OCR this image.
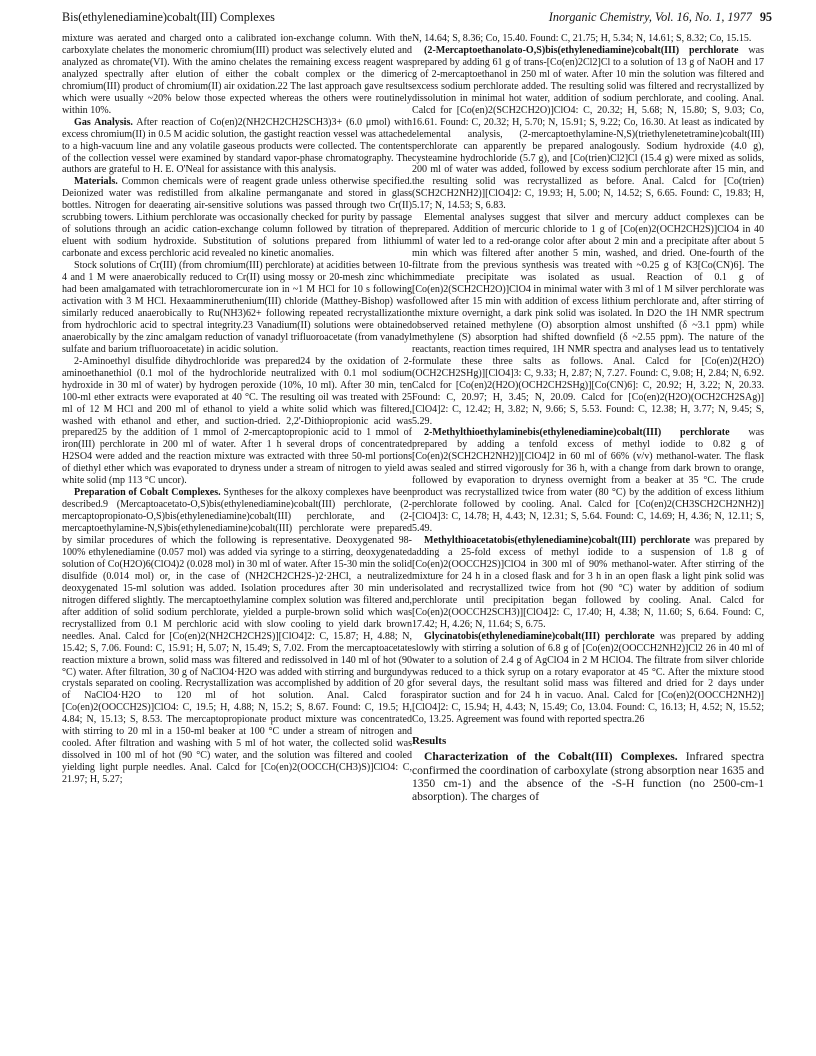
Bis(ethylenediamine)cobalt(III) Complexes	Inorganic Chemistry, Vol. 16, No. 1, 1977 95

mixture was aerated and charged onto a calibrated ion-exchange column. With the carboxylate chelates the monomeric chromium(III) product was selectively eluted and analyzed as chromate(VI). With the amino chelates the remaining excess reagent was analyzed spectrally after elution of either the cobalt complex or the dimeric chromium(III) product of chromium(II) air oxidation.22 The last approach gave results which were usually ~20% below those expected whereas the others were routinely within 10%.

Gas Analysis. After reaction of Co(en)2(NH2CH2CH2SCH3)3+ (6.0 μmol) with excess chromium(II) in 0.5 M acidic solution, the gastight reaction vessel was attached to a high-vacuum line and any volatile gaseous products were collected. The contents of the collection vessel were examined by standard vapor-phase chromatography. The authors are grateful to H. E. O'Neal for assistance with this analysis.

Materials. Common chemicals were of reagent grade unless otherwise specified. Deionized water was redistilled from alkaline permanganate and stored in glass bottles. Nitrogen for deaerating air-sensitive solutions was passed through two Cr(II) scrubbing towers. Lithium perchlorate was occasionally checked for purity by passage of solutions through an acidic cation-exchange column followed by titration of the eluent with sodium hydroxide. Substitution of solutions prepared from lithium carbonate and excess perchloric acid revealed no kinetic anomalies.

Stock solutions of Cr(III) (from chromium(III) perchlorate) at acidities between 10-4 and 1 M were anaerobically reduced to Cr(II) using mossy or 20-mesh zinc which had been amalgamated with tetrachloromercurate ion in ~1 M HCl for 10 s following activation with 3 M HCl. Hexaammineruthenium(III) chloride (Matthey-Bishop) was similarly reduced anaerobically to Ru(NH3)62+ following repeated recrystallization from hydrochloric acid to spectral integrity.23 Vanadium(II) solutions were obtained anaerobically by the zinc amalgam reduction of vanadyl trifluoroacetate (from vanadyl sulfate and barium trifluoroacetate) in acidic solution.

2-Aminoethyl disulfide dihydrochloride was prepared24 by the oxidation of 2-aminoethanethiol (0.1 mol of the hydrochloride neutralized with 0.1 mol sodium hydroxide in 30 ml of water) by hydrogen peroxide (10%, 10 ml). After 30 min, ten 100-ml ether extracts were evaporated at 40 °C. The resulting oil was treated with 25 ml of 12 M HCl and 200 ml of ethanol to yield a white solid which was filtered, washed with ethanol and ether, and suction-dried. 2,2'-Dithiopropionic acid was prepared25 by the addition of 1 mmol of 2-mercaptopropionic acid to 1 mmol of iron(III) perchlorate in 200 ml of water. After 1 h several drops of concentrated H2SO4 were added and the reaction mixture was extracted with three 50-ml portions of diethyl ether which was evaporated to dryness under a stream of nitrogen to yield a white solid (mp 113 °C uncor).

Preparation of Cobalt Complexes. Syntheses for the alkoxy complexes have been described.9 (Mercaptoacetato-O,S)bis(ethylenediamine)cobalt(III) perchlorate, (2-mercaptopropionato-O,S)bis(ethylenediamine)cobalt(III) perchlorate, and (2-mercaptoethylamine-N,S)bis(ethylenediamine)cobalt(III) perchlorate were prepared by similar procedures of which the following is representative. Deoxygenated 98-100% ethylenediamine (0.057 mol) was added via syringe to a stirring, deoxygenated solution of Co(H2O)6(ClO4)2 (0.028 mol) in 30 ml of water. After 15-30 min the solid disulfide (0.014 mol) or, in the case of (NH2CH2CH2S-)2·2HCl, a neutralized deoxygenated 15-ml solution was added. Isolation procedures after 30 min under nitrogen differed slightly. The mercaptoethylamine complex solution was filtered and, after addition of solid sodium perchlorate, yielded a purple-brown solid which was recrystallized from 0.1 M perchloric acid with slow cooling to yield dark brown needles. Anal. Calcd for [Co(en)2(NH2CH2CH2S)][ClO4]2: C, 15.87; H, 4.88; N, 15.42; S, 7.06. Found: C, 15.91; H, 5.07; N, 15.49; S, 7.02. From the mercaptoacetate reaction mixture a brown, solid mass was filtered and redissolved in 140 ml of hot (90 °C) water. After filtration, 30 g of NaClO4·H2O was added with stirring and burgundy crystals separated on cooling. Recrystallization was accomplished by addition of 20 g of NaClO4·H2O to 120 ml of hot solution. Anal. Calcd for [Co(en)2(OOCCH2S)]ClO4: C, 19.5; H, 4.88; N, 15.2; S, 8.67. Found: C, 19.5; H, 4.84; N, 15.13; S, 8.53. The mercaptopropionate product mixture was concentrated with stirring to 20 ml in a 150-ml beaker at 100 °C under a stream of nitrogen and cooled. After filtration and washing with 5 ml of hot water, the collected solid was dissolved in 100 ml of hot (90 °C) water, and the solution was filtered and cooled yielding light purple needles. Anal. Calcd for [Co(en)2(OOCCH(CH3)S)]ClO4: C, 21.97; H, 5.27;

N, 14.64; S, 8.36; Co, 15.40. Found: C, 21.75; H, 5.34; N, 14.61; S, 8.32; Co, 15.15.

(2-Mercaptoethanolato-O,S)bis(ethylenediamine)cobalt(III) perchlorate was prepared by adding 61 g of trans-[Co(en)2Cl2]Cl to a solution of 13 g of NaOH and 17 g of 2-mercaptoethanol in 250 ml of water. After 10 min the solution was filtered and excess sodium perchlorate added. The resulting solid was filtered and recrystallized by dissolution in minimal hot water, addition of sodium perchlorate, and cooling. Anal. Calcd for [Co(en)2(SCH2CH2O)]ClO4: C, 20.32; H, 5.68; N, 15.80; S, 9.03; Co, 16.61. Found: C, 20.32; H, 5.70; N, 15.91; S, 9.22; Co, 16.30. At least as indicated by elemental analysis, (2-mercaptoethylamine-N,S)(triethylenetetramine)cobalt(III) perchlorate can apparently be prepared analogously. Sodium hydroxide (4.0 g), cysteamine hydrochloride (5.7 g), and [Co(trien)Cl2]Cl (15.4 g) were mixed as solids, 200 ml of water was added, followed by excess sodium perchlorate after 15 min, and the resulting solid was recrystallized as before. Anal. Calcd for [Co(trien)(SCH2CH2NH2)][ClO4]2: C, 19.93; H, 5.00; N, 14.52; S, 6.65. Found: C, 19.83; H, 5.17; N, 14.53; S, 6.83.

Elemental analyses suggest that silver and mercury adduct complexes can be prepared. Addition of mercuric chloride to 1 g of [Co(en)2(OCH2CH2S)]ClO4 in 40 ml of water led to a red-orange color after about 2 min and a precipitate after about 5 min which was filtered after another 5 min, washed, and dried. One-fourth of the filtrate from the previous synthesis was treated with ~0.25 g of K3[Co(CN)6]. The immediate precipitate was isolated as usual. Reaction of 0.1 g of [Co(en)2(SCH2CH2O)]ClO4 in minimal water with 3 ml of 1 M silver perchlorate was followed after 15 min with addition of excess lithium perchlorate and, after stirring of the mixture overnight, a dark pink solid was isolated. In D2O the 1H NMR spectrum observed retained methylene (O) absorption almost unshifted (δ ~3.1 ppm) while methylene (S) absorption had shifted downfield (δ ~2.55 ppm). The nature of the reactants, reaction times required, 1H NMR spectra and analyses lead us to tentatively formulate these three salts as follows. Anal. Calcd for [Co(en)2(H2O)(OCH2CH2SHg)][ClO4]3: C, 9.33; H, 2.87; N, 7.27. Found: C, 9.08; H, 2.84; N, 6.92. Calcd for [Co(en)2(H2O)(OCH2CH2SHg)][Co(CN)6]: C, 20.92; H, 3.22; N, 20.33. Found: C, 20.97; H, 3.45; N, 20.09. Calcd for [Co(en)2(H2O)(OCH2CH2SAg)][ClO4]2: C, 12.42; H, 3.82; N, 9.66; S, 5.53. Found: C, 12.38; H, 3.77; N, 9.45; S, 5.29.

2-Methylthioethylaminebis(ethylenediamine)cobalt(III) perchlorate was prepared by adding a tenfold excess of methyl iodide to 0.82 g of [Co(en)2(SCH2CH2NH2)][ClO4]2 in 60 ml of 66% (v/v) methanol-water. The flask was sealed and stirred vigorously for 36 h, with a change from dark brown to orange, followed by evaporation to dryness overnight from a beaker at 35 °C. The crude product was recrystallized twice from water (80 °C) by the addition of excess lithium perchlorate followed by cooling. Anal. Calcd for [Co(en)2(CH3SCH2CH2NH2)][ClO4]3: C, 14.78; H, 4.43; N, 12.31; S, 5.64. Found: C, 14.69; H, 4.36; N, 12.11; S, 5.49.

Methylthioacetatobis(ethylenediamine)cobalt(III) perchlorate was prepared by adding a 25-fold excess of methyl iodide to a suspension of 1.8 g of [Co(en)2(OOCCH2S)]ClO4 in 300 ml of 90% methanol-water. After stirring of the mixture for 24 h in a closed flask and for 3 h in an open flask a light pink solid was isolated and recrystallized twice from hot (90 °C) water by addition of sodium perchlorate until precipitation began followed by cooling. Anal. Calcd for [Co(en)2(OOCCH2SCH3)][ClO4]2: C, 17.40; H, 4.38; N, 11.60; S, 6.64. Found: C, 17.42; H, 4.26; N, 11.64; S, 6.75.

Glycinatobis(ethylenediamine)cobalt(III) perchlorate was prepared by adding slowly with stirring a solution of 6.8 g of [Co(en)2(OOCCH2NH2)]Cl2 26 in 40 ml of water to a solution of 2.4 g of AgClO4 in 2 M HClO4. The filtrate from silver chloride was reduced to a thick syrup on a rotary evaporator at 45 °C. After the mixture stood for several days, the resultant solid mass was filtered and dried for 2 days under aspirator suction and for 24 h in vacuo. Anal. Calcd for [Co(en)2(OOCCH2NH2)][ClO4]2: C, 15.94; H, 4.43; N, 15.49; Co, 13.04. Found: C, 16.13; H, 4.52; N, 15.52; Co, 13.25. Agreement was found with reported spectra.26

Results

Characterization of the Cobalt(III) Complexes. Infrared spectra confirmed the coordination of carboxylate (strong absorption near 1635 and 1350 cm-1) and the absence of the -S-H function (no 2500-cm-1 absorption). The charges of
